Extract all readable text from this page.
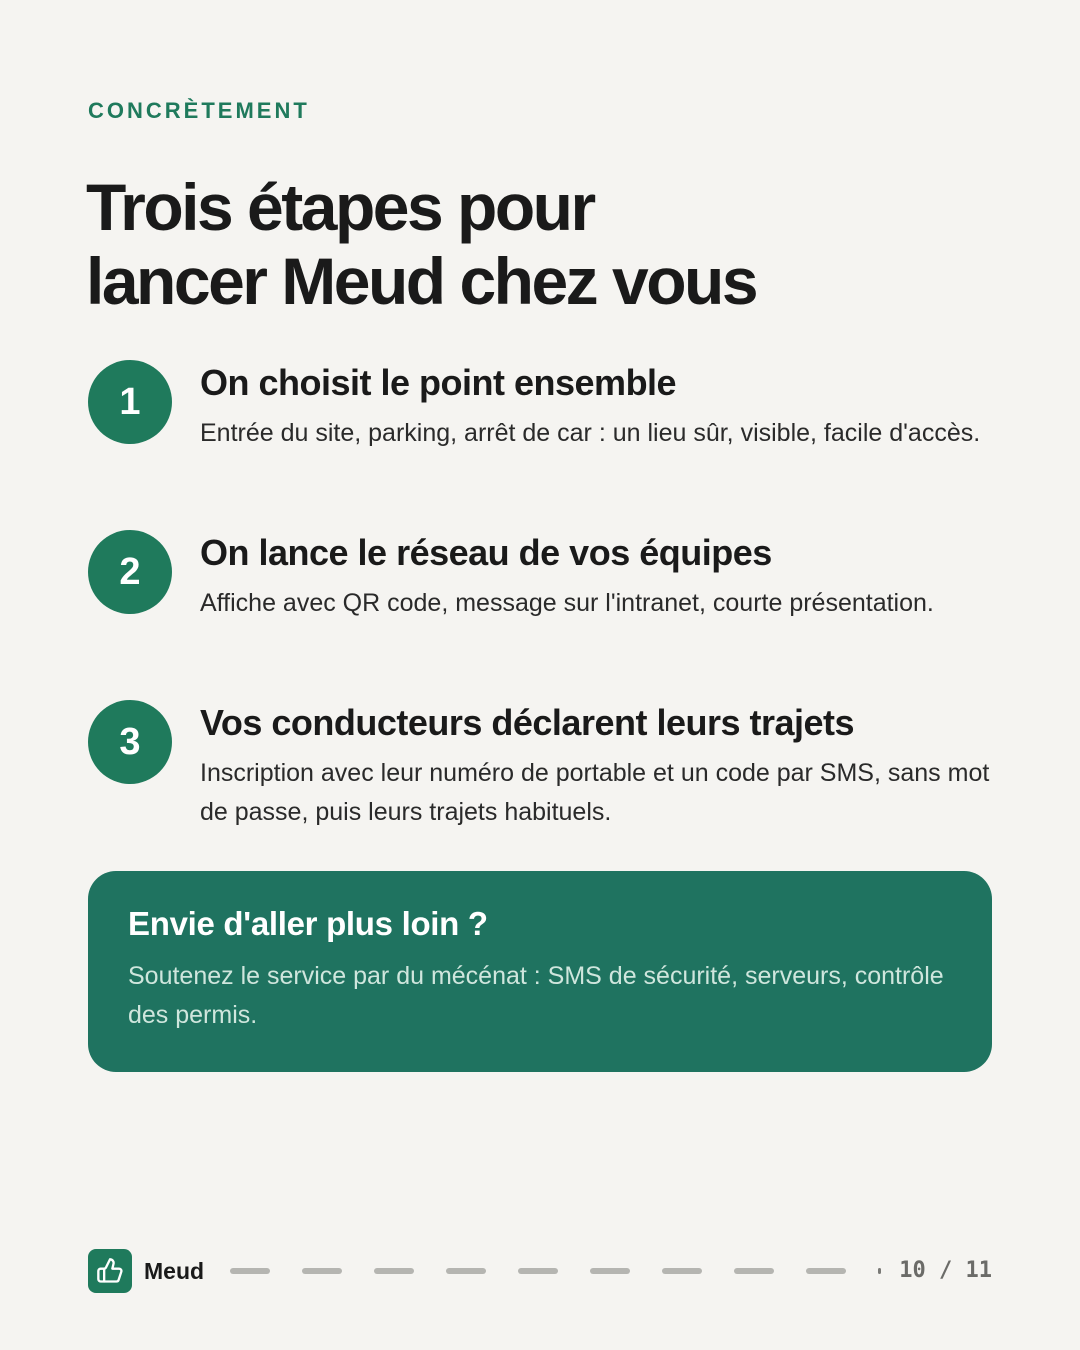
CONCRÈTEMENT
Trois étapes pour
lancer Meud chez vous
1	On choisit le point ensemble
Entrée du site, parking, arrêt de car : un lieu sûr, visible, facile d'accès.
2	On lance le réseau de vos équipes
Affiche avec QR code, message sur l'intranet, courte présentation.
3	Vos conducteurs déclarent leurs trajets
Inscription avec leur numéro de portable et un code par SMS, sans mot de passe, puis leurs trajets habituels.
Envie d'aller plus loin ?
Soutenez le service par du mécénat : SMS de sécurité, serveurs, contrôle des permis.
Meud	10 / 11
